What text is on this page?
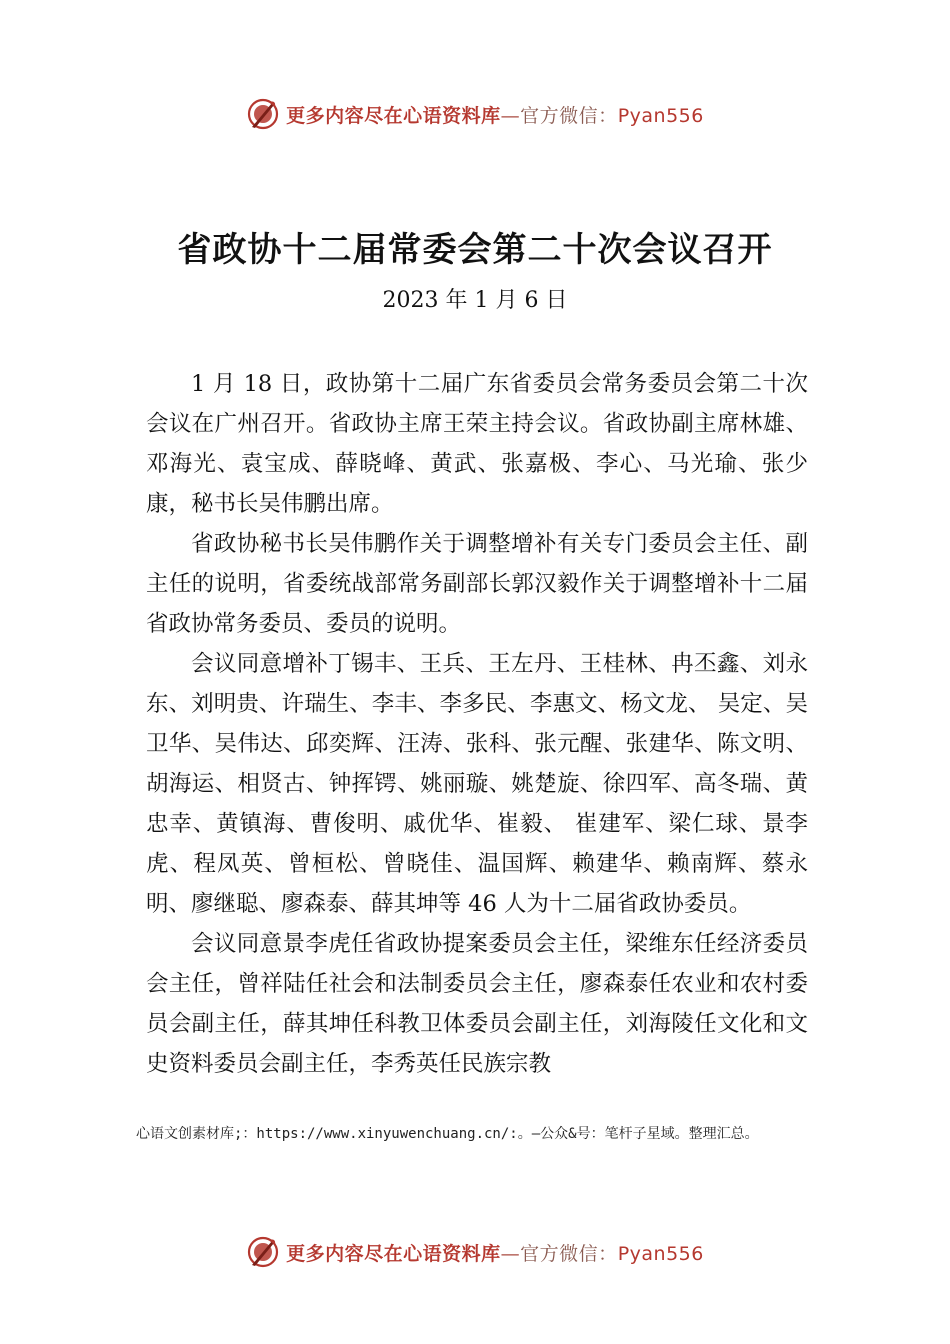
更多内容尽在心语资料库—官方微信：Pyan556
省政协十二届常委会第二十次会议召开

2023 年 1 月 6 日

1 月 18 日，政协第十二届广东省委员会常务委员会第二十次会议在广州召开。省政协主席王荣主持会议。省政协副主席林雄、邓海光、袁宝成、薛晓峰、黄武、张嘉极、李心、马光瑜、张少康，秘书长吴伟鹏出席。

省政协秘书长吴伟鹏作关于调整增补有关专门委员会主任、副主任的说明，省委统战部常务副部长郭汉毅作关于调整增补十二届省政协常务委员、委员的说明。

会议同意增补丁锡丰、王兵、王左丹、王桂林、冉丕鑫、刘永东、刘明贵、许瑞生、李丰、李多民、李惠文、杨文龙、 吴定、吴卫华、吴伟达、邱奕辉、汪涛、张科、张元醒、张建华、陈文明、胡海运、相贤古、钟挥锷、姚丽璇、姚楚旋、徐四军、高冬瑞、黄忠幸、黄镇海、曹俊明、戚优华、崔毅、 崔建军、梁仁球、景李虎、程凤英、曾桓松、曾晓佳、温国辉、赖建华、赖南辉、蔡永明、廖继聪、廖森泰、薛其坤等 46 人为十二届省政协委员。

会议同意景李虎任省政协提案委员会主任，梁维东任经济委员会主任，曾祥陆任社会和法制委员会主任，廖森泰任农业和农村委员会副主任，薛其坤任科教卫体委员会副主任，刘海陵任文化和文史资料委员会副主任，李秀英任民族宗教

心语文创素材库;：https://www.xinyuwenchuang.cn/:。—公众&号：笔杆子星域。整理汇总。
更多内容尽在心语资料库—官方微信：Pyan556
